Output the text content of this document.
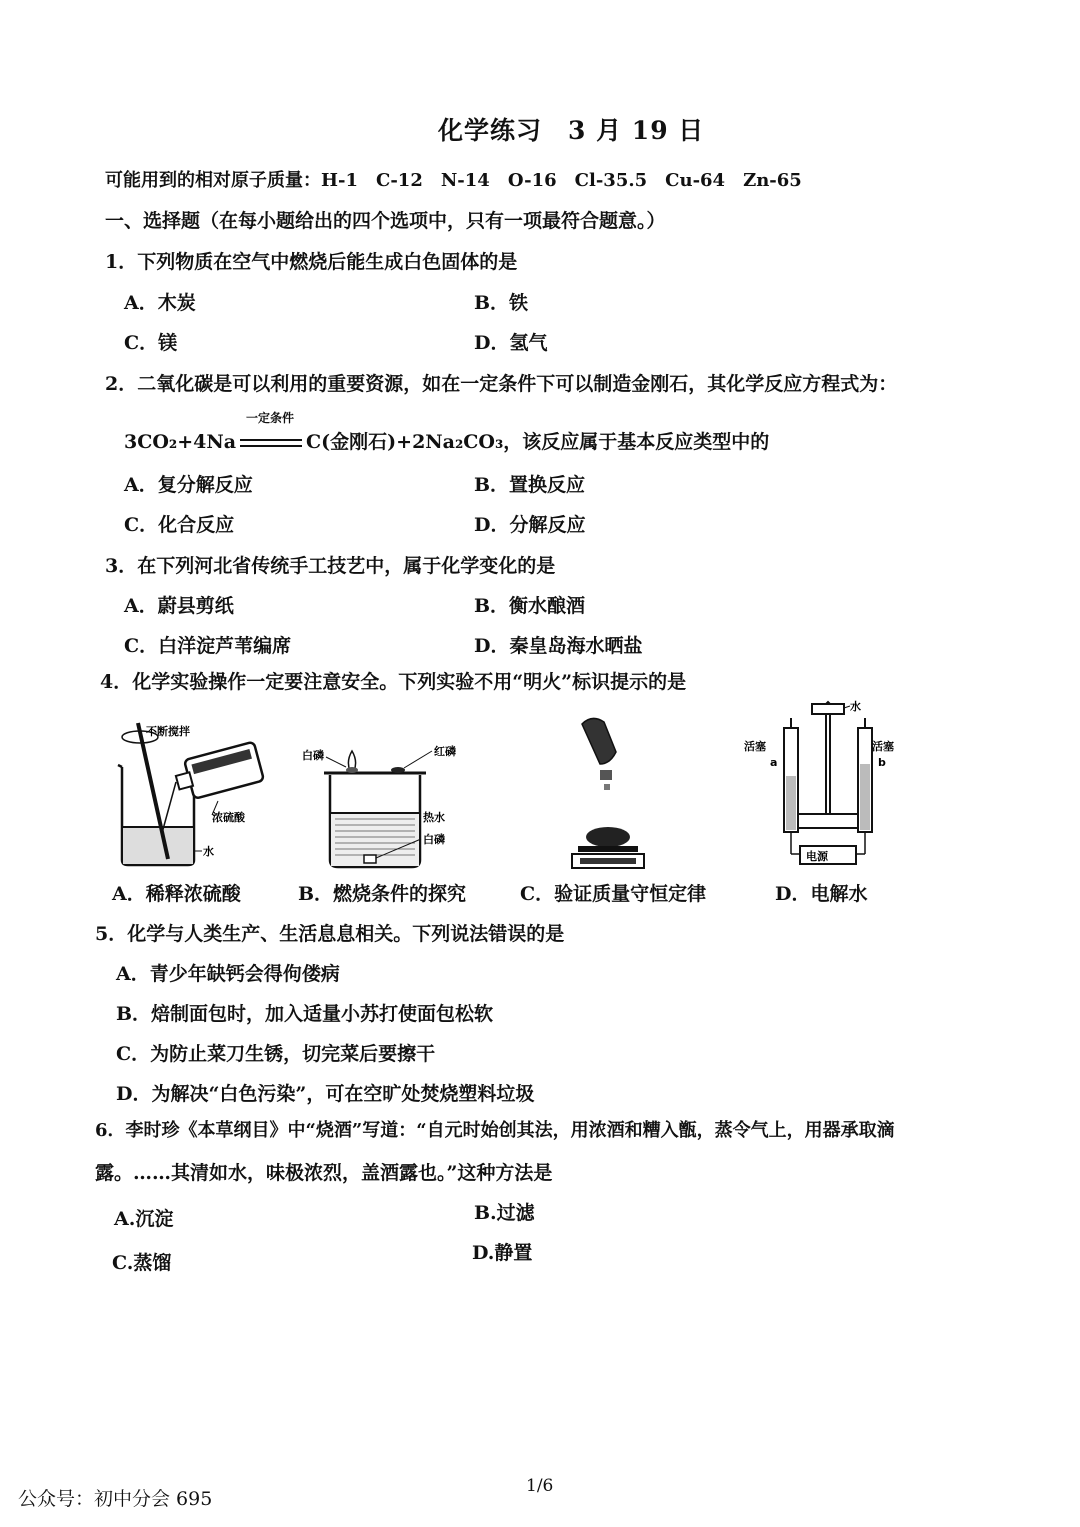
化学练习　3 月 19 日
可能用到的相对原子质量：H-1　C-12　N-14　O-16　Cl-35.5　Cu-64　Zn-65
一、选择题（在每小题给出的四个选项中，只有一项最符合题意。）
1．下列物质在空气中燃烧后能生成白色固体的是
A．木炭	B．铁
C．镁	D．氢气
2．二氧化碳是可以利用的重要资源，如在一定条件下可以制造金刚石，其化学反应方程式为：
3CO₂+4Na
一定条件
C(金刚石)+2Na₂CO₃，该反应属于基本反应类型中的
A．复分解反应	B．置换反应
C．化合反应	D．分解反应
3．在下列河北省传统手工技艺中，属于化学变化的是
A．蔚县剪纸	B．衡水酿酒
C．白洋淀芦苇编席	D．秦皇岛海水晒盐
4．化学实验操作一定要注意安全。下列实验不用“明火”标识提示的是
不断搅拌
浓硫酸
水
白磷	红磷
热水
白磷
电源
水
活塞	活塞
a	b
A．稀释浓硫酸	B．燃烧条件的探究	C．验证质量守恒定律	D．电解水
5．化学与人类生产、生活息息相关。下列说法错误的是
A．青少年缺钙会得佝偻病
B．焙制面包时，加入适量小苏打使面包松软
C．为防止菜刀生锈，切完菜后要擦干
D．为解决“白色污染”，可在空旷处焚烧塑料垃圾
6．李时珍《本草纲目》中“烧酒”写道：“自元时始创其法，用浓酒和糟入甑，蒸令气上，用器承取滴
露。……其清如水，味极浓烈，盖酒露也。”这种方法是
A.沉淀	B.过滤
C.蒸馏	D.静置
1/6
公众号：初中分会 695
